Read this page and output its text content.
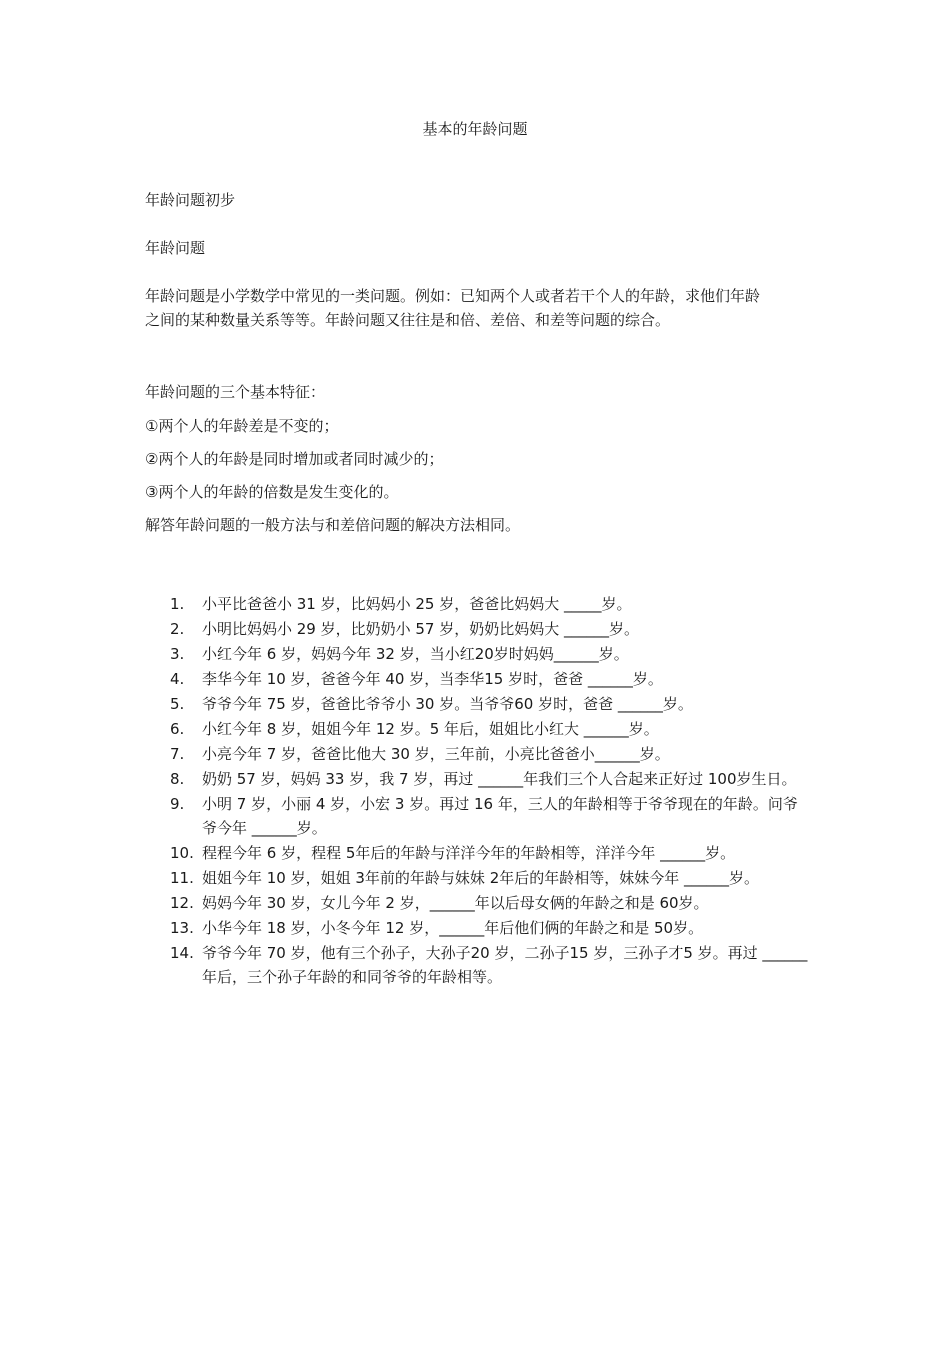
基本的年龄问题
年龄问题初步
年龄问题
年龄问题是小学数学中常见的一类问题。例如：已知两个人或者若干个人的年龄，求他们年龄之间的某种数量关系等等。年龄问题又往往是和倍、差倍、和差等问题的综合。
年龄问题的三个基本特征：
①两个人的年龄差是不变的；
②两个人的年龄是同时增加或者同时减少的；
③两个人的年龄的倍数是发生变化的。
解答年龄问题的一般方法与和差倍问题的解决方法相同。
1.	小平比爸爸小 31 岁，比妈妈小 25 岁，爸爸比妈妈大 _____岁。
2.	小明比妈妈小 29 岁，比奶奶小 57 岁，奶奶比妈妈大 ______岁。
3.	小红今年 6 岁，妈妈今年 32 岁，当小红20岁时妈妈______岁。
4.	李华今年 10 岁，爸爸今年 40 岁，当李华15 岁时，爸爸 ______岁。
5.	爷爷今年 75 岁，爸爸比爷爷小 30 岁。当爷爷60 岁时，爸爸 ______岁。
6.	小红今年 8 岁，姐姐今年 12 岁。5 年后，姐姐比小红大 ______岁。
7.	小亮今年 7 岁，爸爸比他大 30 岁，三年前，小亮比爸爸小______岁。
8.	奶奶 57 岁，妈妈 33 岁，我 7 岁，再过 ______年我们三个人合起来正好过 100岁生日。
9.	小明 7 岁，小丽 4 岁，小宏 3 岁。再过 16 年，三人的年龄相等于爷爷现在的年龄。问爷爷今年 ______岁。
10. 程程今年 6 岁，程程 5年后的年龄与洋洋今年的年龄相等，洋洋今年 ______岁。
11. 姐姐今年 10 岁，姐姐 3年前的年龄与妹妹 2年后的年龄相等，妹妹今年 ______岁。
12. 妈妈今年 30 岁，女儿今年 2 岁，______年以后母女俩的年龄之和是 60岁。
13. 小华今年 18 岁，小冬今年 12 岁，______年后他们俩的年龄之和是 50岁。
14. 爷爷今年 70 岁，他有三个孙子，大孙子20 岁，二孙子15 岁，三孙子才5 岁。再过 ______年后，三个孙子年龄的和同爷爷的年龄相等。
